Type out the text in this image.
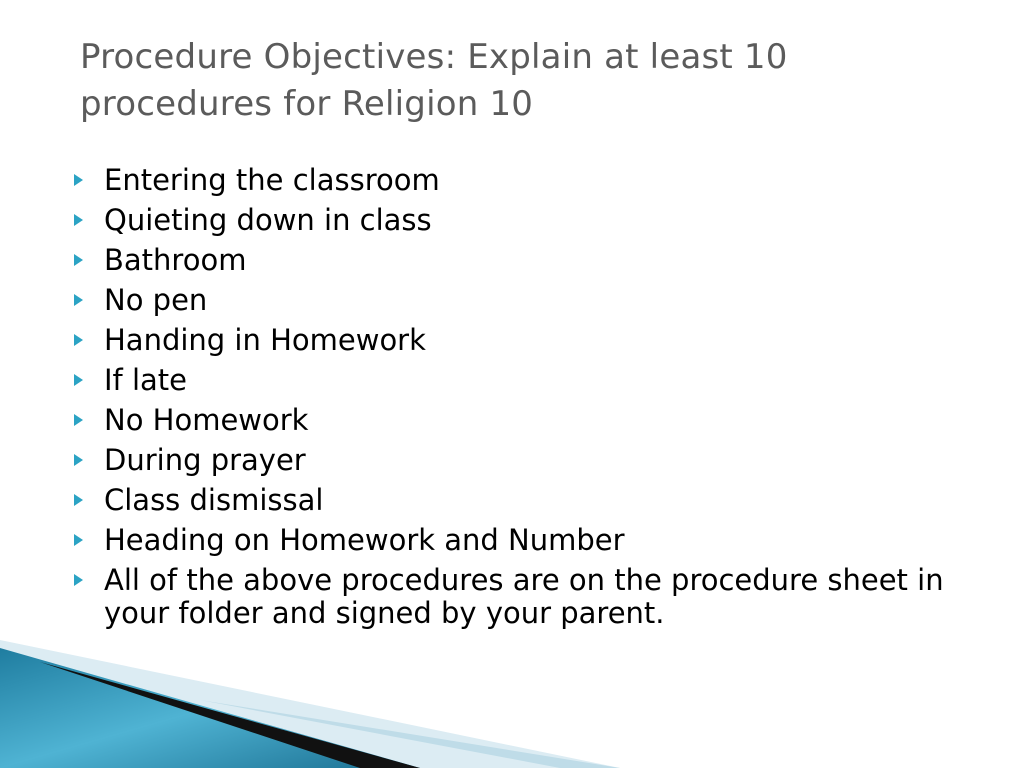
Procedure Objectives: Explain at least 10 procedures for Religion 10
Entering the classroom
Quieting down in class
Bathroom
No pen
Handing in Homework
If late
No Homework
During prayer
Class dismissal
Heading on Homework and Number
All of the above procedures are on the procedure sheet in your folder and signed by your parent.
